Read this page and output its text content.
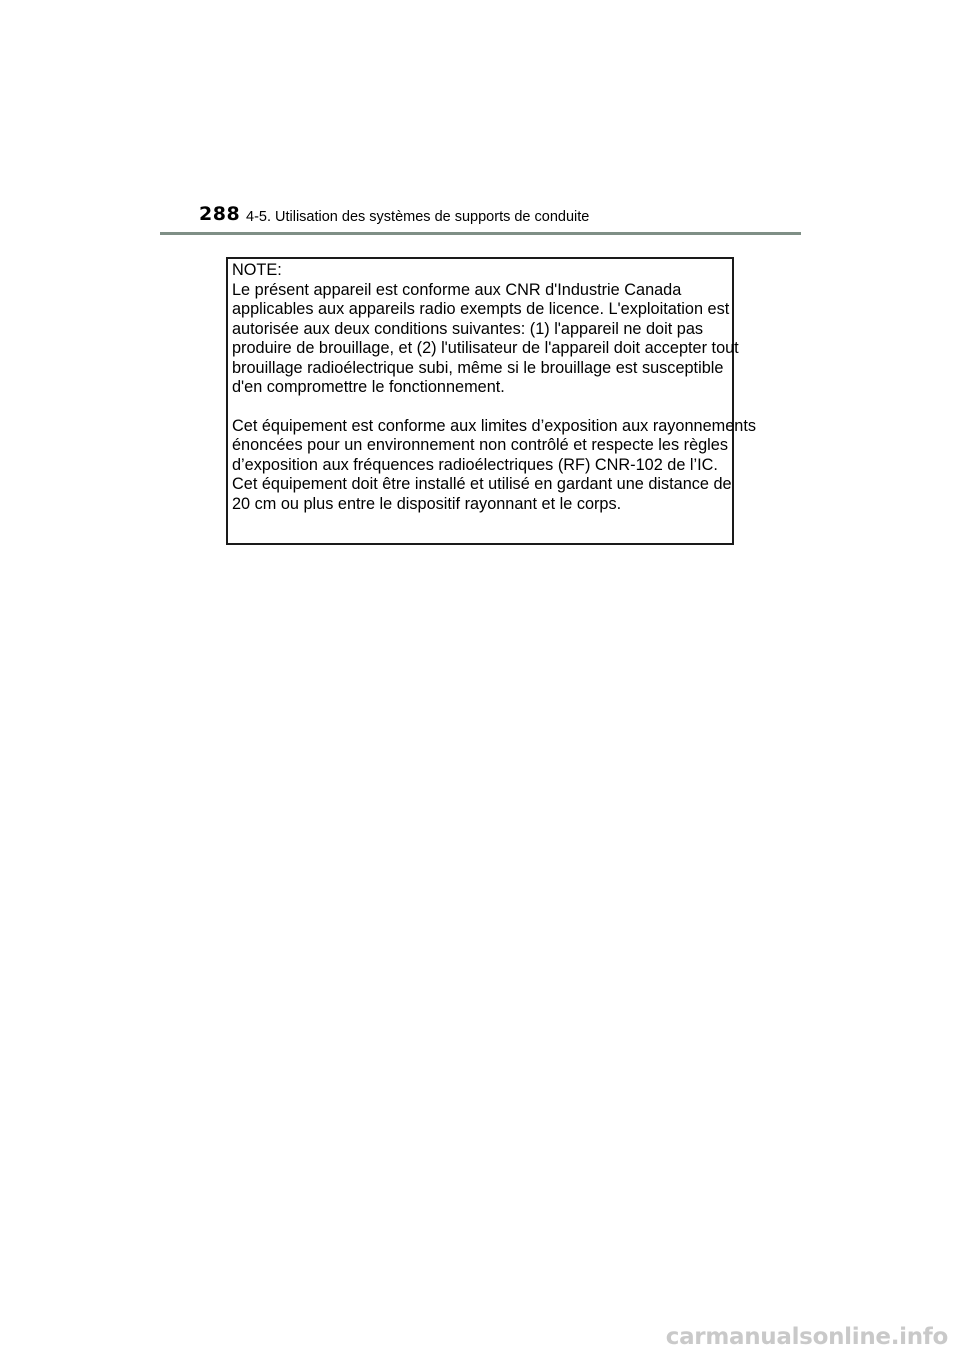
288 4-5. Utilisation des systèmes de supports de conduite

NOTE:

Le présent appareil est conforme aux CNR d'Industrie Canada

applicables aux appareils radio exempts de licence. L'exploitation est

autorisée aux deux conditions suivantes: (1) l'appareil ne doit pas

produire de brouillage, et (2) l'utilisateur de l'appareil doit accepter tout

brouillage radioélectrique subi, même si le brouillage est susceptible

d'en compromettre le fonctionnement.

Cet équipement est conforme aux limites d’exposition aux rayonnements

énoncées pour un environnement non contrôlé et respecte les règles

d’exposition aux fréquences radioélectriques (RF) CNR-102 de l’IC.

Cet équipement doit être installé et utilisé en gardant une distance de

20 cm ou plus entre le dispositif rayonnant et le corps.

carmanualsonline.info
